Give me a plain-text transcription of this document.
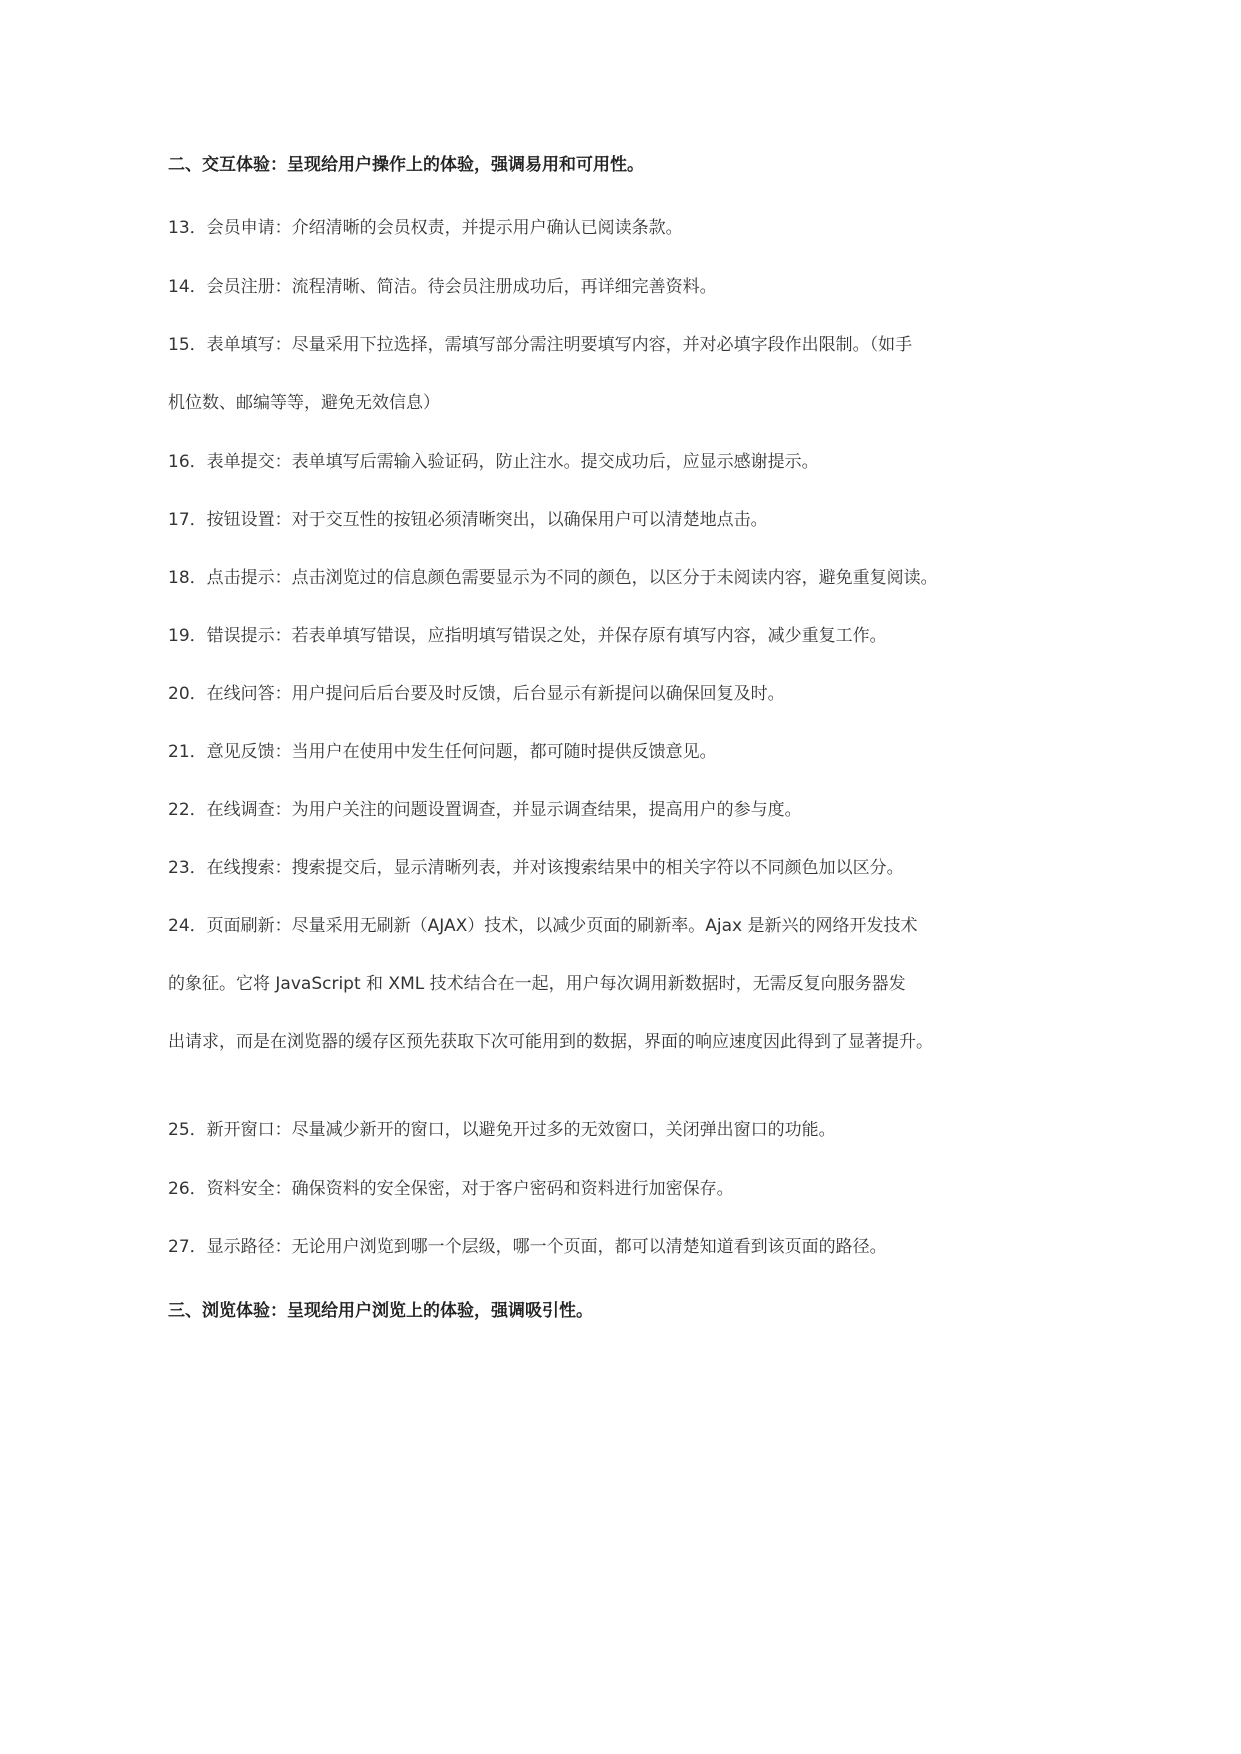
二、交互体验：呈现给用户操作上的体验，强调易用和可用性。
13．会员申请：介绍清晰的会员权责，并提示用户确认已阅读条款。
14．会员注册：流程清晰、简洁。待会员注册成功后，再详细完善资料。
15．表单填写：尽量采用下拉选择，需填写部分需注明要填写内容，并对必填字段作出限制。（如手
机位数、邮编等等，避免无效信息）
16．表单提交：表单填写后需输入验证码，防止注水。提交成功后，应显示感谢提示。
17．按钮设置：对于交互性的按钮必须清晰突出，以确保用户可以清楚地点击。
18．点击提示：点击浏览过的信息颜色需要显示为不同的颜色，以区分于未阅读内容，避免重复阅读。
19．错误提示：若表单填写错误，应指明填写错误之处，并保存原有填写内容，减少重复工作。
20．在线问答：用户提问后后台要及时反馈，后台显示有新提问以确保回复及时。
21．意见反馈：当用户在使用中发生任何问题，都可随时提供反馈意见。
22．在线调查：为用户关注的问题设置调查，并显示调查结果，提高用户的参与度。
23．在线搜索：搜索提交后，显示清晰列表，并对该搜索结果中的相关字符以不同颜色加以区分。
24．页面刷新：尽量采用无刷新（AJAX）技术，以减少页面的刷新率。Ajax 是新兴的网络开发技术
的象征。它将 JavaScript 和 XML 技术结合在一起，用户每次调用新数据时，无需反复向服务器发
出请求，而是在浏览器的缓存区预先获取下次可能用到的数据，界面的响应速度因此得到了显著提升。
25．新开窗口：尽量减少新开的窗口，以避免开过多的无效窗口，关闭弹出窗口的功能。
26．资料安全：确保资料的安全保密，对于客户密码和资料进行加密保存。
27．显示路径：无论用户浏览到哪一个层级，哪一个页面，都可以清楚知道看到该页面的路径。
三、浏览体验：呈现给用户浏览上的体验，强调吸引性。
